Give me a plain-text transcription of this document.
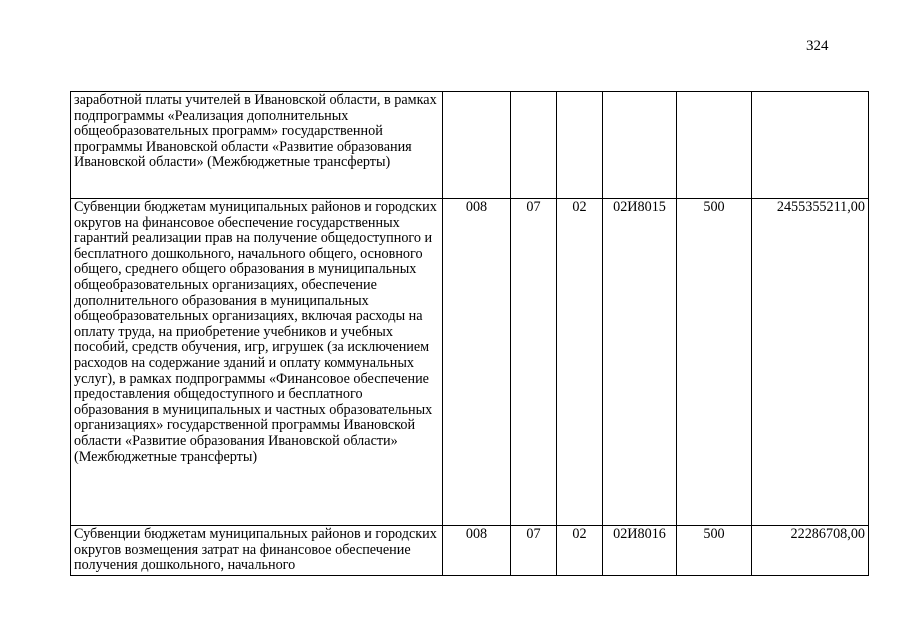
324
заработной платы учителей в Ивановской области, в рамках подпрограммы «Реализация дополнительных общеобразовательных программ» государственной программы Ивановской области «Развитие образования Ивановской области» (Межбюджетные трансферты)						
Субвенции бюджетам муниципальных районов и городских округов на финансовое обеспечение государственных гарантий реализации прав на получение общедоступного и бесплатного дошкольного, начального общего, основного общего, среднего общего образования в муниципальных общеобразовательных организациях, обеспечение дополнительного образования в муниципальных общеобразовательных организациях, включая расходы на оплату труда, на приобретение учебников и учебных пособий, средств обучения, игр, игрушек (за исключением расходов на содержание зданий и оплату коммунальных услуг), в рамках подпрограммы «Финансовое обеспечение предоставления общедоступного и бесплатного образования в муниципальных и частных образовательных организациях» государственной программы Ивановской области «Развитие образования Ивановской области» (Межбюджетные трансферты)	008	07	02	02И8015	500	2455355211,00
Субвенции бюджетам муниципальных районов и городских округов возмещения затрат на финансовое обеспечение получения дошкольного, начального	008	07	02	02И8016	500	22286708,00
